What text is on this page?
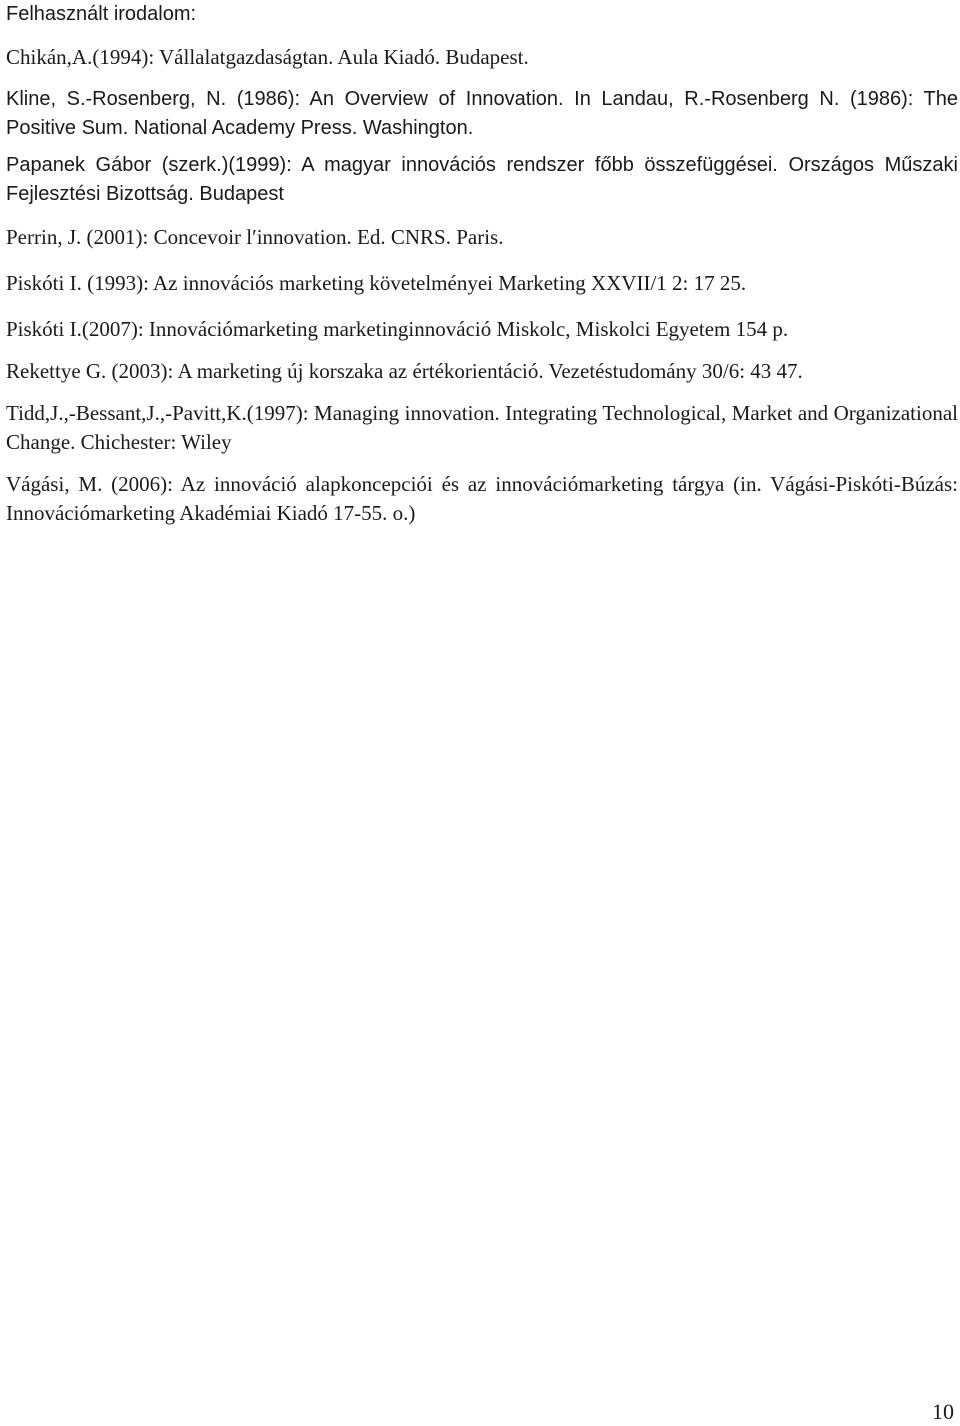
Felhasznált irodalom:

Chikán,A.(1994): Vállalatgazdaságtan. Aula Kiadó. Budapest.

Kline, S.-Rosenberg, N. (1986): An Overview of Innovation. In Landau, R.-Rosenberg N. (1986): The Positive Sum. National Academy Press. Washington.

Papanek Gábor (szerk.)(1999): A magyar innovációs rendszer főbb összefüggései. Országos Műszaki Fejlesztési Bizottság. Budapest

Perrin, J. (2001): Concevoir l′innovation. Ed. CNRS. Paris.

Piskóti I. (1993): Az innovációs marketing követelményei Marketing XXVII/1 2: 17 25.

Piskóti I.(2007): Innovációmarketing marketinginnováció Miskolc, Miskolci Egyetem 154 p.

Rekettye G. (2003): A marketing új korszaka az értékorientáció. Vezetéstudomány 30/6: 43 47.

Tidd,J.,-Bessant,J.,-Pavitt,K.(1997): Managing innovation. Integrating Technological, Market and Organizational Change. Chichester: Wiley

Vágási, M. (2006): Az innováció alapkoncepciói és az innovációmarketing tárgya (in. Vágási-Piskóti-Búzás: Innovációmarketing Akadémiai Kiadó 17-55. o.)

10
